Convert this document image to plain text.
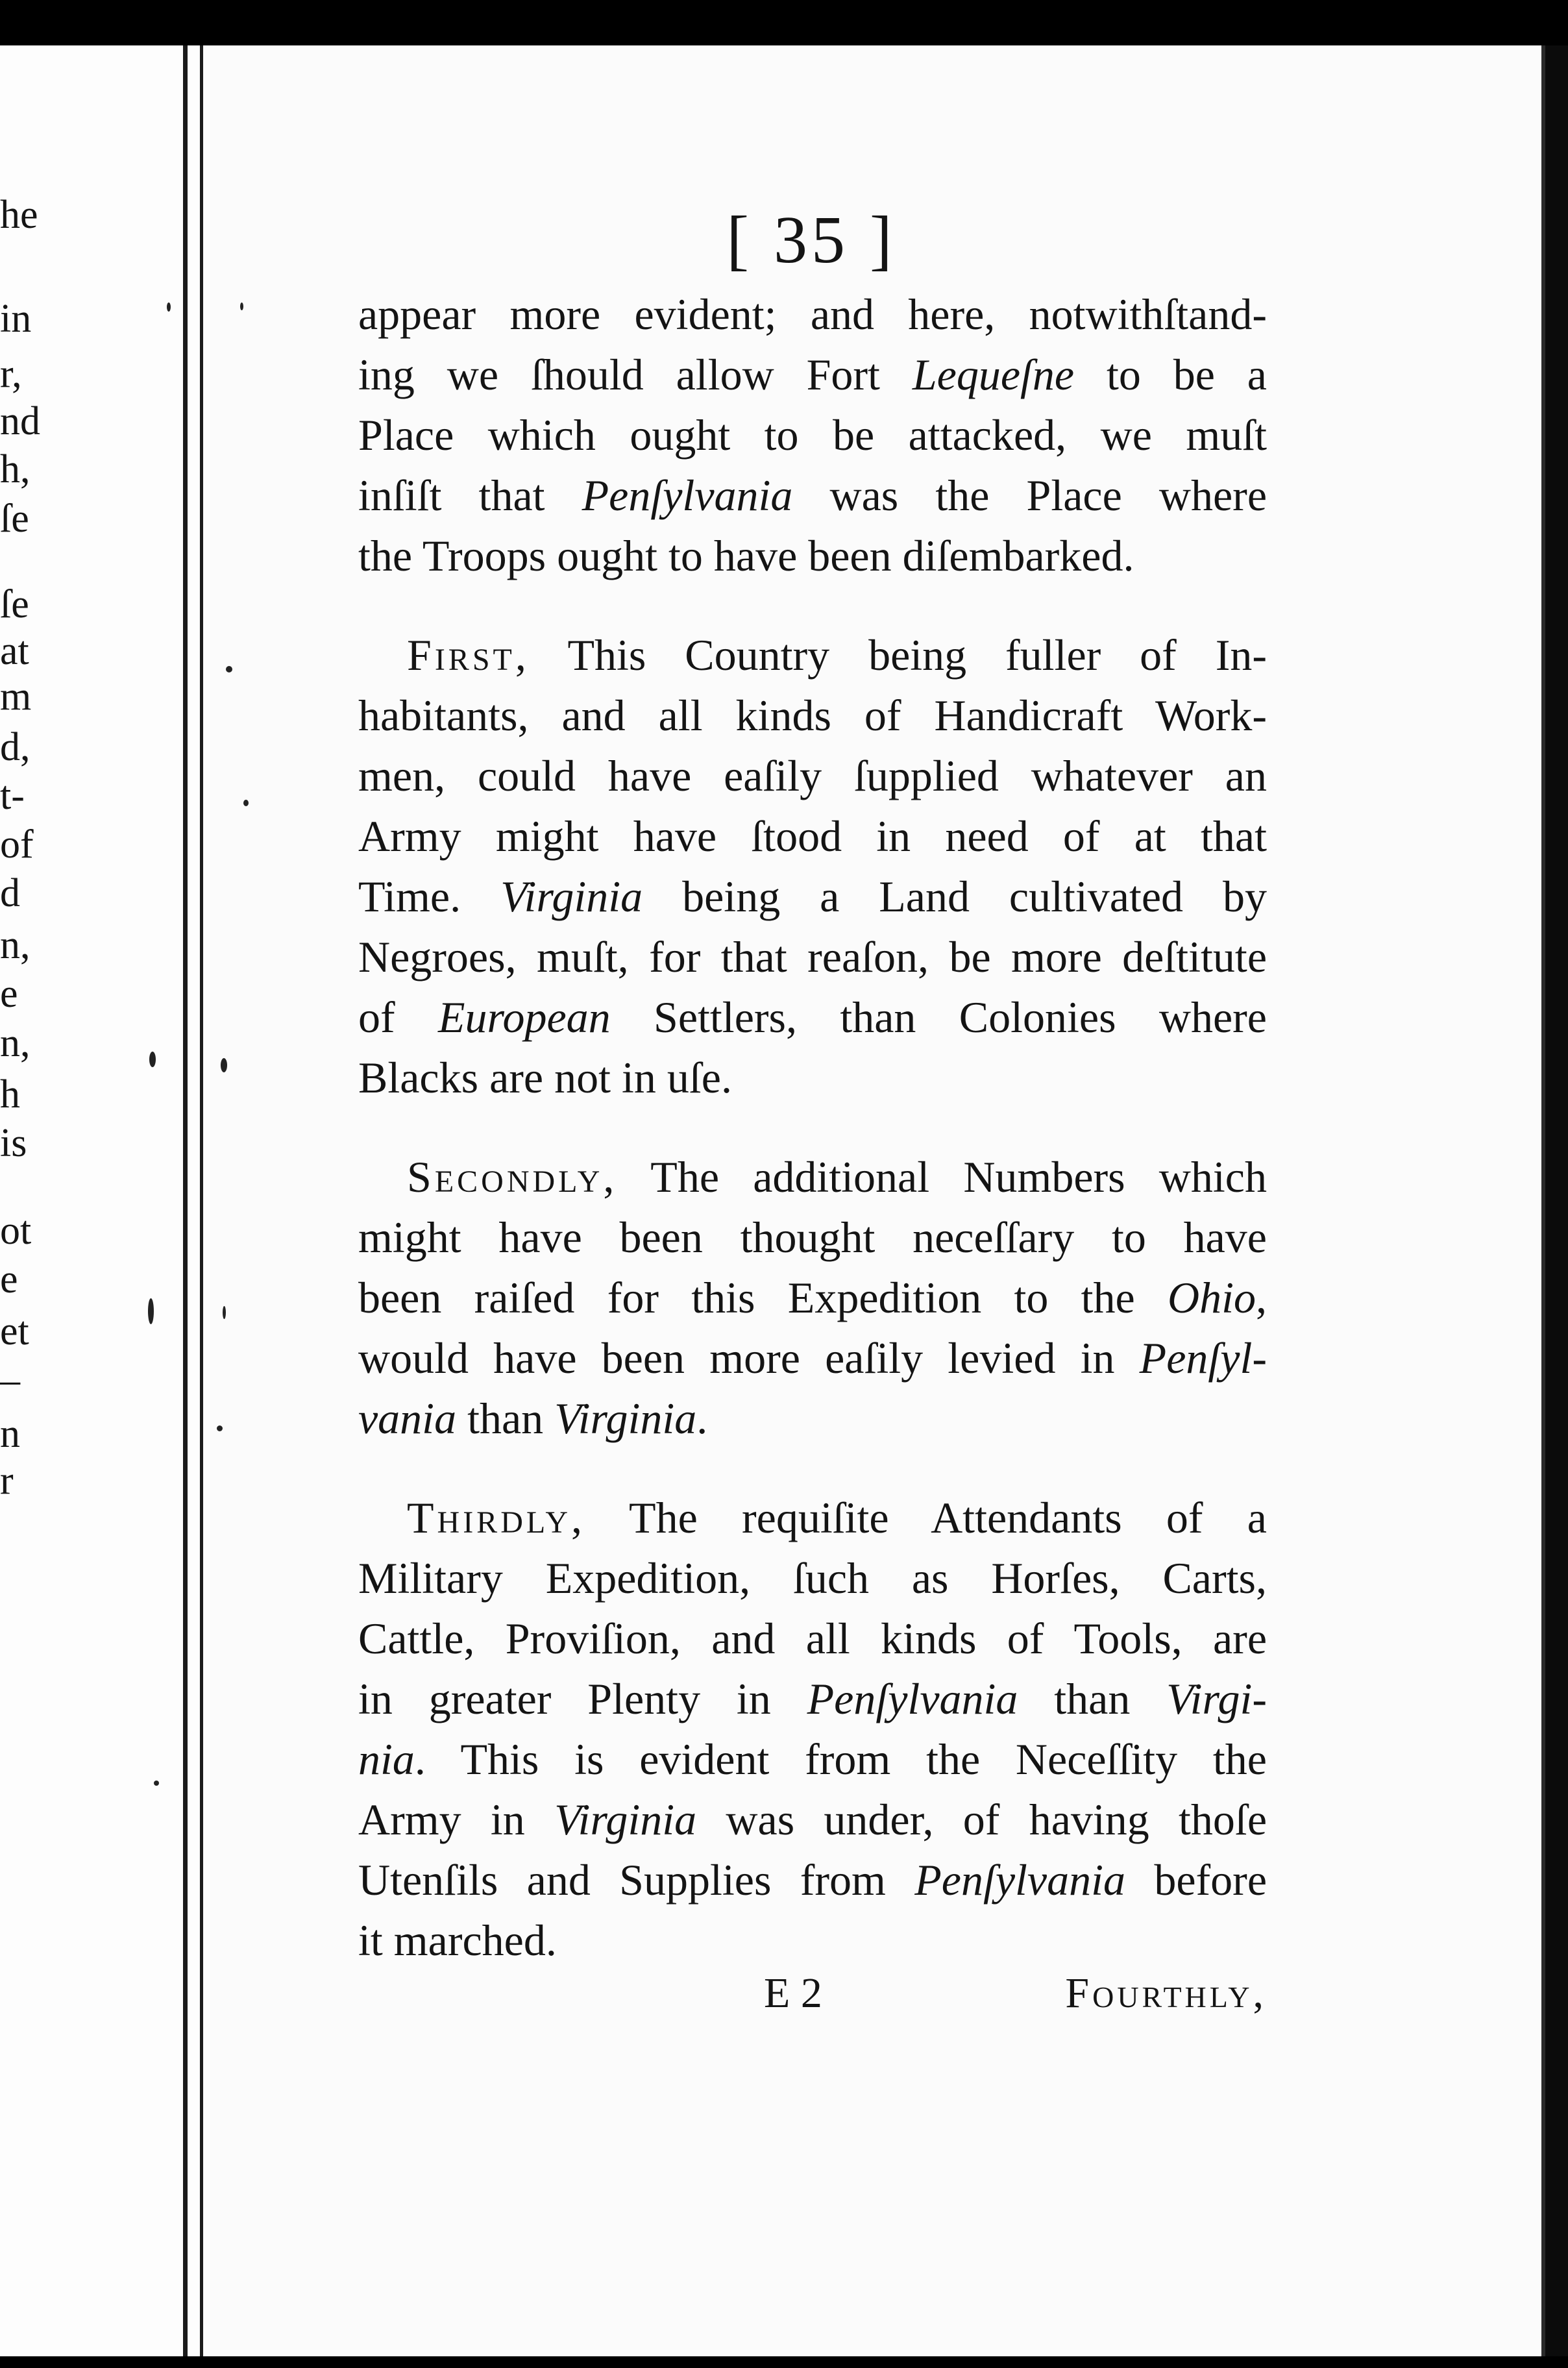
he
in
r,
nd
h,
ſe
ſe
at
m
d,
t-
of
d
n,
e
n,
h
is
ot
e
et
–
n
r
[ 35 ]
appear more evident; and here, notwithſtand-
ing we ſhould allow Fort Lequeſne to be a
Place which ought to be attacked, we muſt
inſiſt that Penſylvania was the Place where
the Troops ought to have been diſembarked.
First, This Country being fuller of In-
habitants, and all kinds of Handicraft Work-
men, could have eaſily ſupplied whatever an
Army might have ſtood in need of at that
Time. Virginia being a Land cultivated by
Negroes, muſt, for that reaſon, be more deſtitute
of European Settlers, than Colonies where
Blacks are not in uſe.
Secondly, The additional Numbers which
might have been thought neceſſary to have
been raiſed for this Expedition to the Ohio,
would have been more eaſily levied in Penſyl-
vania than Virginia.
Thirdly, The requiſite Attendants of a
Military Expedition, ſuch as Horſes, Carts,
Cattle, Proviſion, and all kinds of Tools, are
in greater Plenty in Penſylvania than Virgi-
nia. This is evident from the Neceſſity the
Army in Virginia was under, of having thoſe
Utenſils and Supplies from Penſylvania before
it marched.
E 2	Fourthly,
